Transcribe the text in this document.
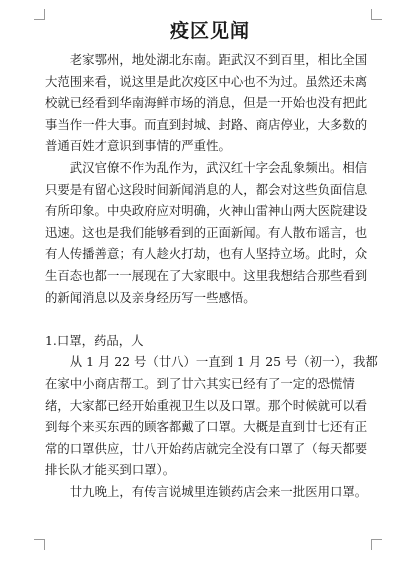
疫区见闻

老家鄂州，地处湖北东南。距武汉不到百里，相比全国
大范围来看，说这里是此次疫区中心也不为过。虽然还未离
校就已经看到华南海鲜市场的消息，但是一开始也没有把此
事当作一件大事。而直到封城、封路、商店停业，大多数的
普通百姓才意识到事情的严重性。

武汉官僚不作为乱作为，武汉红十字会乱象频出。相信
只要是有留心这段时间新闻消息的人，都会对这些负面信息
有所印象。中央政府应对明确，火神山雷神山两大医院建设
迅速。这也是我们能够看到的正面新闻。有人散布谣言，也
有人传播善意；有人趁火打劫，也有人坚持立场。此时，众
生百态也都一一展现在了大家眼中。这里我想结合那些看到
的新闻消息以及亲身经历写一些感悟。

1.口罩，药品，人

从 1 月 22 号（廿八）一直到 1 月 25 号（初一），我都
在家中小商店帮工。到了廿六其实已经有了一定的恐慌情
绪，大家都已经开始重视卫生以及口罩。那个时候就可以看
到每个来买东西的顾客都戴了口罩。大概是直到廿七还有正
常的口罩供应，廿八开始药店就完全没有口罩了（每天都要
排长队才能买到口罩）。

廿九晚上，有传言说城里连锁药店会来一批医用口罩。
